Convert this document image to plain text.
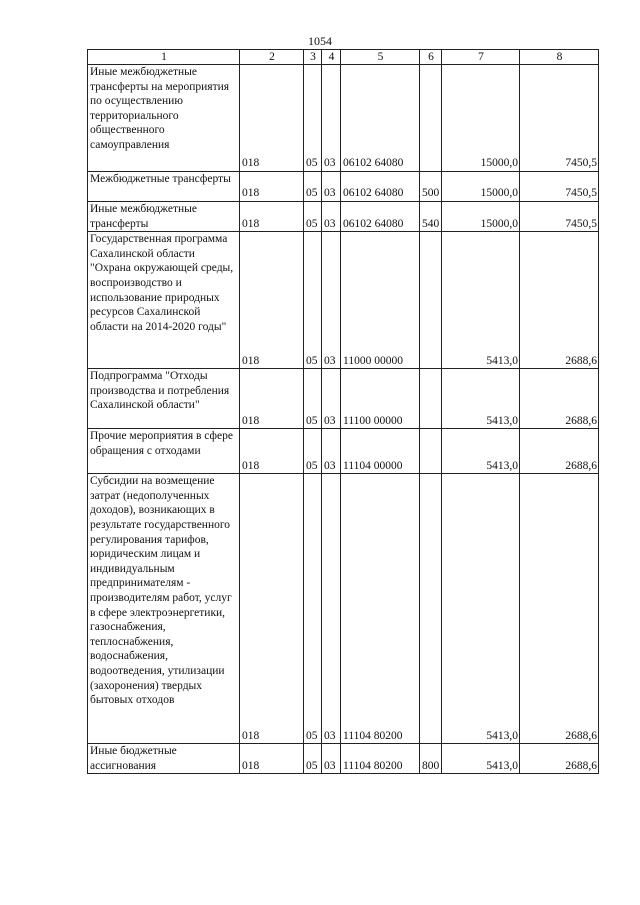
1054
1	2	3	4	5	6	7	8
Иные межбюджетные трансферты на мероприятия по осуществлению территориального общественного самоуправления	018	05	03	06102 64080		15000,0	7450,5
Межбюджетные трансферты	018	05	03	06102 64080	500	15000,0	7450,5
Иные межбюджетные трансферты	018	05	03	06102 64080	540	15000,0	7450,5
Государственная программа Сахалинской области "Охрана окружающей среды, воспроизводство и использование природных ресурсов Сахалинской области на 2014-2020 годы"	018	05	03	11000 00000		5413,0	2688,6
Подпрограмма "Отходы производства и потребления Сахалинской области"	018	05	03	11100 00000		5413,0	2688,6
Прочие мероприятия в сфере обращения с отходами	018	05	03	11104 00000		5413,0	2688,6
Субсидии на возмещение затрат (недополученных доходов), возникающих в результате государственного регулирования тарифов, юридическим лицам и индивидуальным предпринимателям - производителям работ, услуг в сфере электроэнергетики, газоснабжения, теплоснабжения, водоснабжения, водоотведения, утилизации (захоронения) твердых бытовых отходов	018	05	03	11104 80200		5413,0	2688,6
Иные бюджетные ассигнования	018	05	03	11104 80200	800	5413,0	2688,6
